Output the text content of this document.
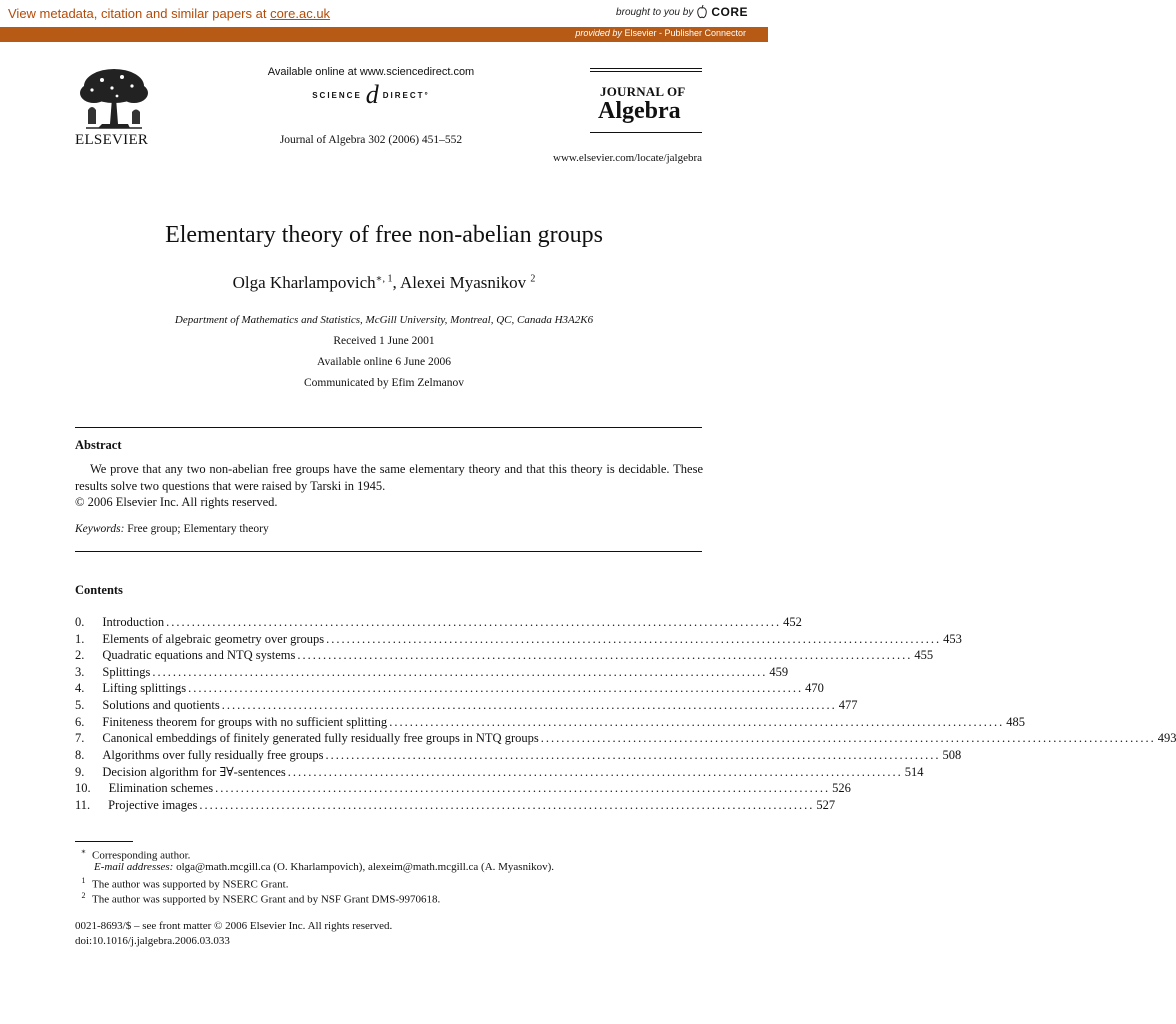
View metadata, citation and similar papers at core.ac.uk	brought to you by CORE
provided by Elsevier - Publisher Connector
ELSEVIER
Available online at www.sciencedirect.com
SCIENCE d DIRECT°
Journal of Algebra 302 (2006) 451–552
JOURNAL OF
Algebra
www.elsevier.com/locate/jalgebra
Elementary theory of free non-abelian groups
Olga Kharlampovich$^{∗, 1}$, Alexei Myasnikov $^2$
Department of Mathematics and Statistics, McGill University, Montreal, QC, Canada H3A2K6
Received 1 June 2001
Available online 6 June 2006
Communicated by Efim Zelmanov
Abstract
We prove that any two non-abelian free groups have the same elementary theory and that this theory is decidable. These results solve two questions that were raised by Tarski in 1945.
© 2006 Elsevier Inc. All rights reserved.
Keywords: Free group; Elementary theory
Contents
0. Introduction ........................................................................................................................ 452
1. Elements of algebraic geometry over groups ........................................................................................................................ 453
2. Quadratic equations and NTQ systems ........................................................................................................................ 455
3. Splittings ........................................................................................................................ 459
4. Lifting splittings ........................................................................................................................ 470
5. Solutions and quotients ........................................................................................................................ 477
6. Finiteness theorem for groups with no sufficient splitting ........................................................................................................................ 485
7. Canonical embeddings of finitely generated fully residually free groups in NTQ groups ........................................................................................................................ 493
8. Algorithms over fully residually free groups ........................................................................................................................ 508
9. Decision algorithm for ∃∀-sentences ........................................................................................................................ 514
10. Elimination schemes ........................................................................................................................ 526
11. Projective images ........................................................................................................................ 527
∗ Corresponding author.
E-mail addresses: olga@math.mcgill.ca (O. Kharlampovich), alexeim@math.mcgill.ca (A. Myasnikov).
$^1$ The author was supported by NSERC Grant.
$^2$ The author was supported by NSERC Grant and by NSF Grant DMS-9970618.
0021-8693/$ – see front matter © 2006 Elsevier Inc. All rights reserved.
doi:10.1016/j.jalgebra.2006.03.033
